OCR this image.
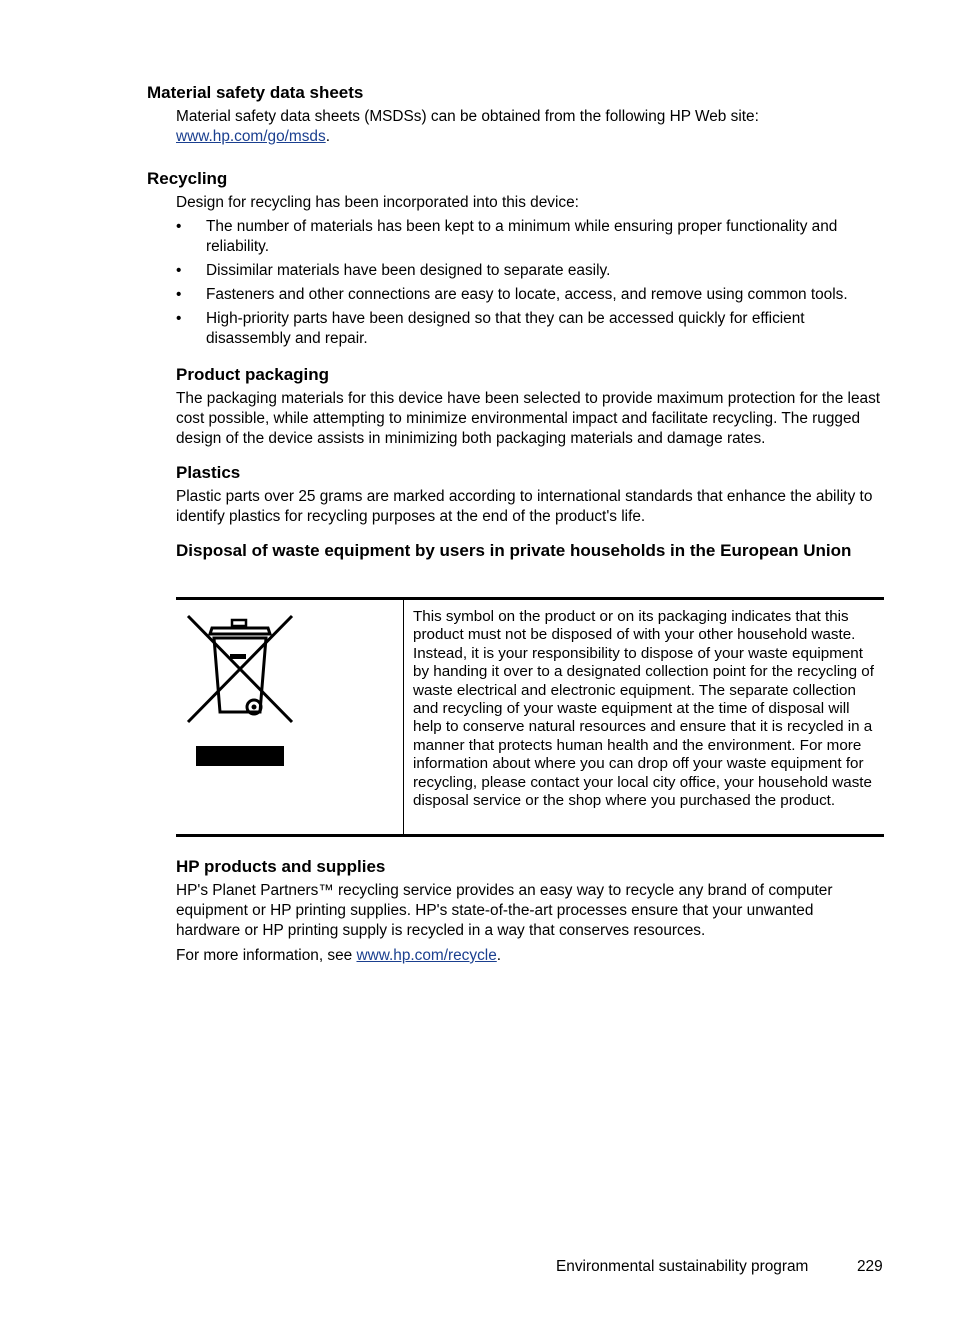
Material safety data sheets

Material safety data sheets (MSDSs) can be obtained from the following HP Web site:
www.hp.com/go/msds.

Recycling

Design for recycling has been incorporated into this device:

• The number of materials has been kept to a minimum while ensuring proper functionality and reliability.
• Dissimilar materials have been designed to separate easily.
• Fasteners and other connections are easy to locate, access, and remove using common tools.
• High-priority parts have been designed so that they can be accessed quickly for efficient disassembly and repair.
Product packaging

The packaging materials for this device have been selected to provide maximum protection for the least cost possible, while attempting to minimize environmental impact and facilitate recycling. The rugged design of the device assists in minimizing both packaging materials and damage rates.

Plastics

Plastic parts over 25 grams are marked according to international standards that enhance the ability to identify plastics for recycling purposes at the end of the product's life.

Disposal of waste equipment by users in private households in the European Union
	This symbol on the product or on its packaging indicates that this product must not be disposed of with your other household waste. Instead, it is your responsibility to dispose of your waste equipment by handing it over to a designated collection point for the recycling of waste electrical and electronic equipment. The separate collection and recycling of your waste equipment at the time of disposal will help to conserve natural resources and ensure that it is recycled in a manner that protects human health and the environment. For more information about where you can drop off your waste equipment for recycling, please contact your local city office, your household waste disposal service or the shop where you purchased the product.
HP products and supplies

HP's Planet Partners™ recycling service provides an easy way to recycle any brand of computer equipment or HP printing supplies. HP's state-of-the-art processes ensure that your unwanted hardware or HP printing supply is recycled in a way that conserves resources.

For more information, see www.hp.com/recycle.

Environmental sustainability program	229
